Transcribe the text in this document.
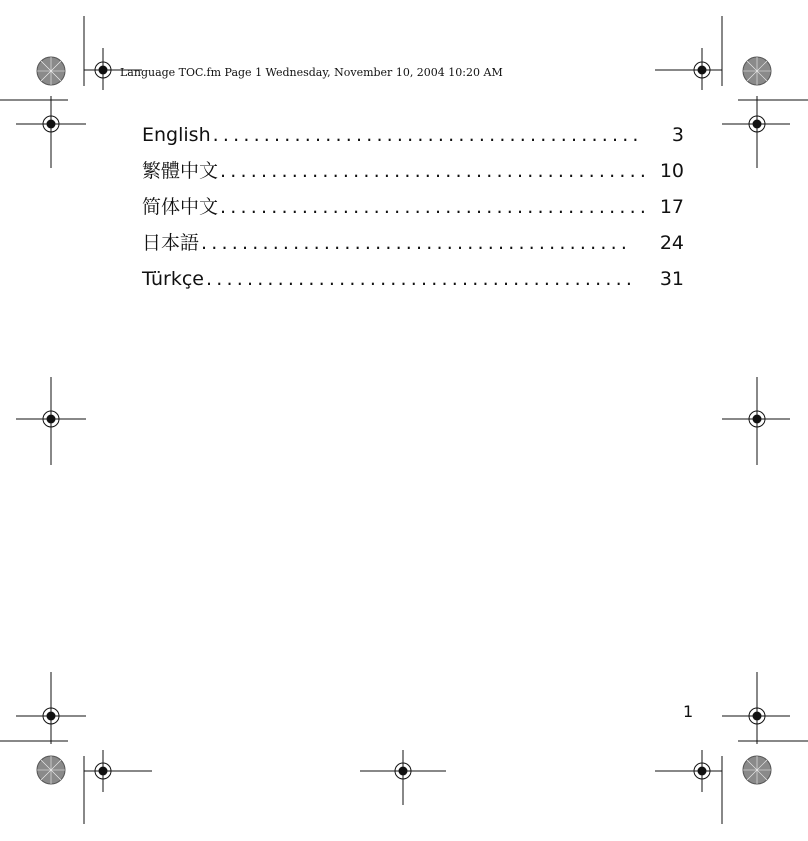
Language TOC.fm Page 1 Wednesday, November 10, 2004 10:20 AM
English ..........................................	3
繁體中文 .......................................... 10
简体中文 .......................................... 17
日本語 ..........................................	24
Türkçe ..........................................	31
1
